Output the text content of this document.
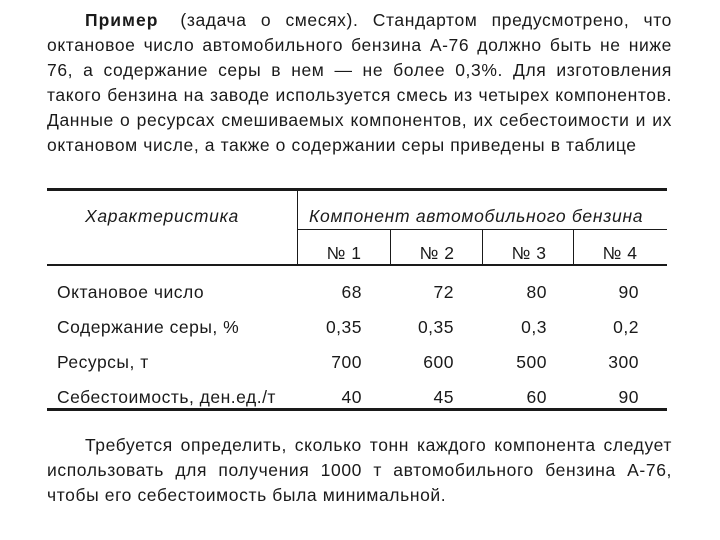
Пример (задача о смесях). Стандартом предусмотрено, что октановое число автомобильного бензина А-76 должно быть не ниже 76, а содержание серы в нем — не более 0,3%. Для изготовления такого бензина на заводе используется смесь из четырех компонентов. Данные о ресурсах смешиваемых компонентов, их себестоимости и их октановом числе, а также о содержании серы приведены в таблице

Характеристика	Компонент автомобильного бензина
№ 1	№ 2	№ 3	№ 4
Октановое число	68	72	80	90
Содержание серы, %	0,35	0,35	0,3	0,2
Ресурсы, т	700	600	500	300
Себестоимость, ден.ед./т	40	45	60	90

Требуется определить, сколько тонн каждого компонента следует использовать для получения 1000 т автомобильного бензина А-76, чтобы его себестоимость была минимальной.
